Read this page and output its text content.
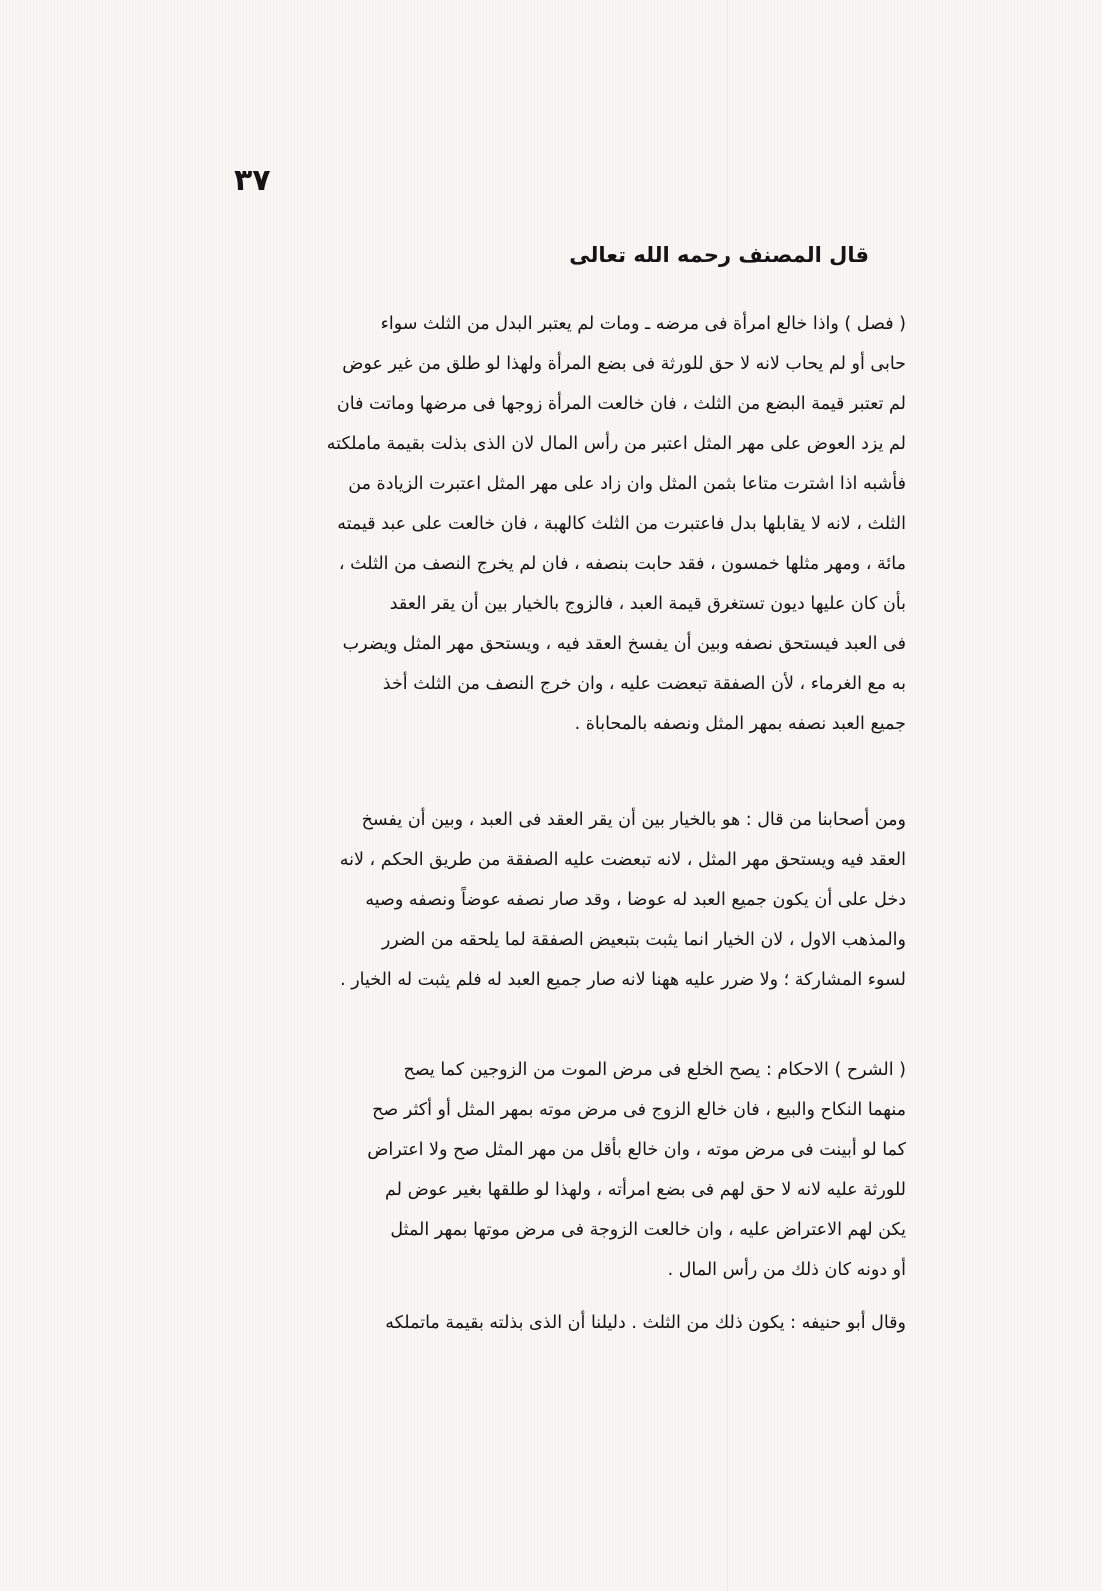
٣٧
قال المصنف رحمه الله تعالى
( فصل ) واذا خالع امرأة فى مرضه ـ ومات لم يعتبر البدل من الثلث سواء
حابى أو لم يحاب لانه لا حق للورثة فى بضع المرأة ولهذا لو طلق من غير عوض
لم تعتبر قيمة البضع من الثلث ، فان خالعت المرأة زوجها فى مرضها وماتت فان
لم يزد العوض على مهر المثل اعتبر من رأس المال لان الذى بذلت بقيمة ماملكته
فأشبه اذا اشترت متاعا بثمن المثل وان زاد على مهر المثل اعتبرت الزيادة من
الثلث ، لانه لا يقابلها بدل فاعتبرت من الثلث كالهبة ، فان خالعت على عبد قيمته
مائة ، ومهر مثلها خمسون ، فقد حابت بنصفه ، فان لم يخرج النصف من الثلث ،
بأن كان عليها ديون تستغرق قيمة العبد ، فالزوج بالخيار بين أن يقر العقد
فى العبد فيستحق نصفه وبين أن يفسخ العقد فيه ، ويستحق مهر المثل ويضرب
به مع الغرماء ، لأن الصفقة تبعضت عليه ، وان خرج النصف من الثلث أخذ
جميع العبد نصفه بمهر المثل ونصفه بالمحاباة .
ومن أصحابنا من قال : هو بالخيار بين أن يقر العقد فى العبد ، وبين أن يفسخ
العقد فيه ويستحق مهر المثل ، لانه تبعضت عليه الصفقة من طريق الحكم ، لانه
دخل على أن يكون جميع العبد له عوضا ، وقد صار نصفه عوضاً ونصفه وصيه
والمذهب الاول ، لان الخيار انما يثبت بتبعيض الصفقة لما يلحقه من الضرر
لسوء المشاركة ؛ ولا ضرر عليه ههنا لانه صار جميع العبد له فلم يثبت له الخيار .
( الشرح ) الاحكام : يصح الخلع فى مرض الموت من الزوجين كما يصح
منهما النكاح والبيع ، فان خالع الزوج فى مرض موته بمهر المثل أو أكثر صح
كما لو أبينت فى مرض موته ، وان خالع بأقل من مهر المثل صح ولا اعتراض
للورثة عليه لانه لا حق لهم فى بضع امرأته ، ولهذا لو طلقها بغير عوض لم
يكن لهم الاعتراض عليه ، وان خالعت الزوجة فى مرض موتها بمهر المثل
أو دونه كان ذلك من رأس المال .
وقال أبو حنيفه : يكون ذلك من الثلث . دليلنا أن الذى بذلته بقيمة ماتملكه
